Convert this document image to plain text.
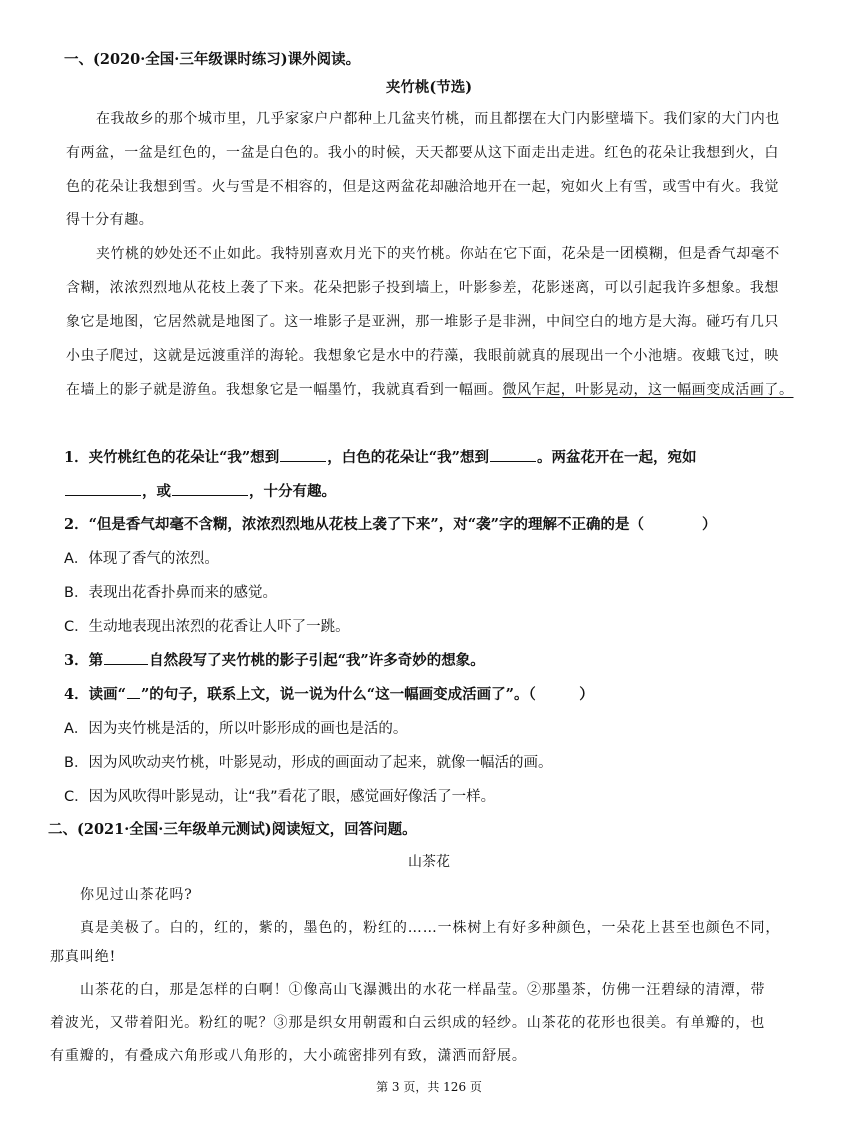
一、(2020·全国·三年级课时练习)课外阅读。
夹竹桃(节选)
在我故乡的那个城市里，几乎家家户户都种上几盆夹竹桃，而且都摆在大门内影壁墙下。我们家的大门内也
有两盆，一盆是红色的，一盆是白色的。我小的时候，天天都要从这下面走出走进。红色的花朵让我想到火，白
色的花朵让我想到雪。火与雪是不相容的，但是这两盆花却融洽地开在一起，宛如火上有雪，或雪中有火。我觉
得十分有趣。
夹竹桃的妙处还不止如此。我特别喜欢月光下的夹竹桃。你站在它下面，花朵是一团模糊，但是香气却毫不
含糊，浓浓烈烈地从花枝上袭了下来。花朵把影子投到墙上，叶影参差，花影迷离，可以引起我许多想象。我想
象它是地图，它居然就是地图了。这一堆影子是亚洲，那一堆影子是非洲，中间空白的地方是大海。碰巧有几只
小虫子爬过，这就是远渡重洋的海轮。我想象它是水中的荇藻，我眼前就真的展现出一个小池塘。夜蛾飞过，映
在墙上的影子就是游鱼。我想象它是一幅墨竹，我就真看到一幅画。微风乍起，叶影晃动，这一幅画变成活画了。
1．夹竹桃红色的花朵让“我”想到	，白色的花朵让“我”想到	。两盆花开在一起，宛如
，或	，十分有趣。
2．“但是香气却毫不含糊，浓浓烈烈地从花枝上袭了下来”，对“袭”字的理解不正确的是（　　　　）
A．体现了香气的浓烈。
B．表现出花香扑鼻而来的感觉。
C．生动地表现出浓烈的花香让人吓了一跳。
3．第	自然段写了夹竹桃的影子引起“我”许多奇妙的想象。
4．读画“ ”的句子，联系上文，说一说为什么“这一幅画变成活画了”。（　　　）
A．因为夹竹桃是活的，所以叶影形成的画也是活的。
B．因为风吹动夹竹桃，叶影晃动，形成的画面动了起来，就像一幅活的画。
C．因为风吹得叶影晃动，让“我”看花了眼，感觉画好像活了一样。
二、(2021·全国·三年级单元测试)阅读短文，回答问题。
山茶花
你见过山茶花吗?
真是美极了。白的，红的，紫的，墨色的，粉红的……一株树上有好多种颜色，一朵花上甚至也颜色不同，
那真叫绝!
山茶花的白，那是怎样的白啊！①像高山飞瀑溅出的水花一样晶莹。②那墨茶，仿佛一汪碧绿的清潭，带
着波光，又带着阳光。粉红的呢？③那是织女用朝霞和白云织成的轻纱。山茶花的花形也很美。有单瓣的，也
有重瓣的，有叠成六角形或八角形的，大小疏密排列有致，潇洒而舒展。
第 3 页，共 126 页
